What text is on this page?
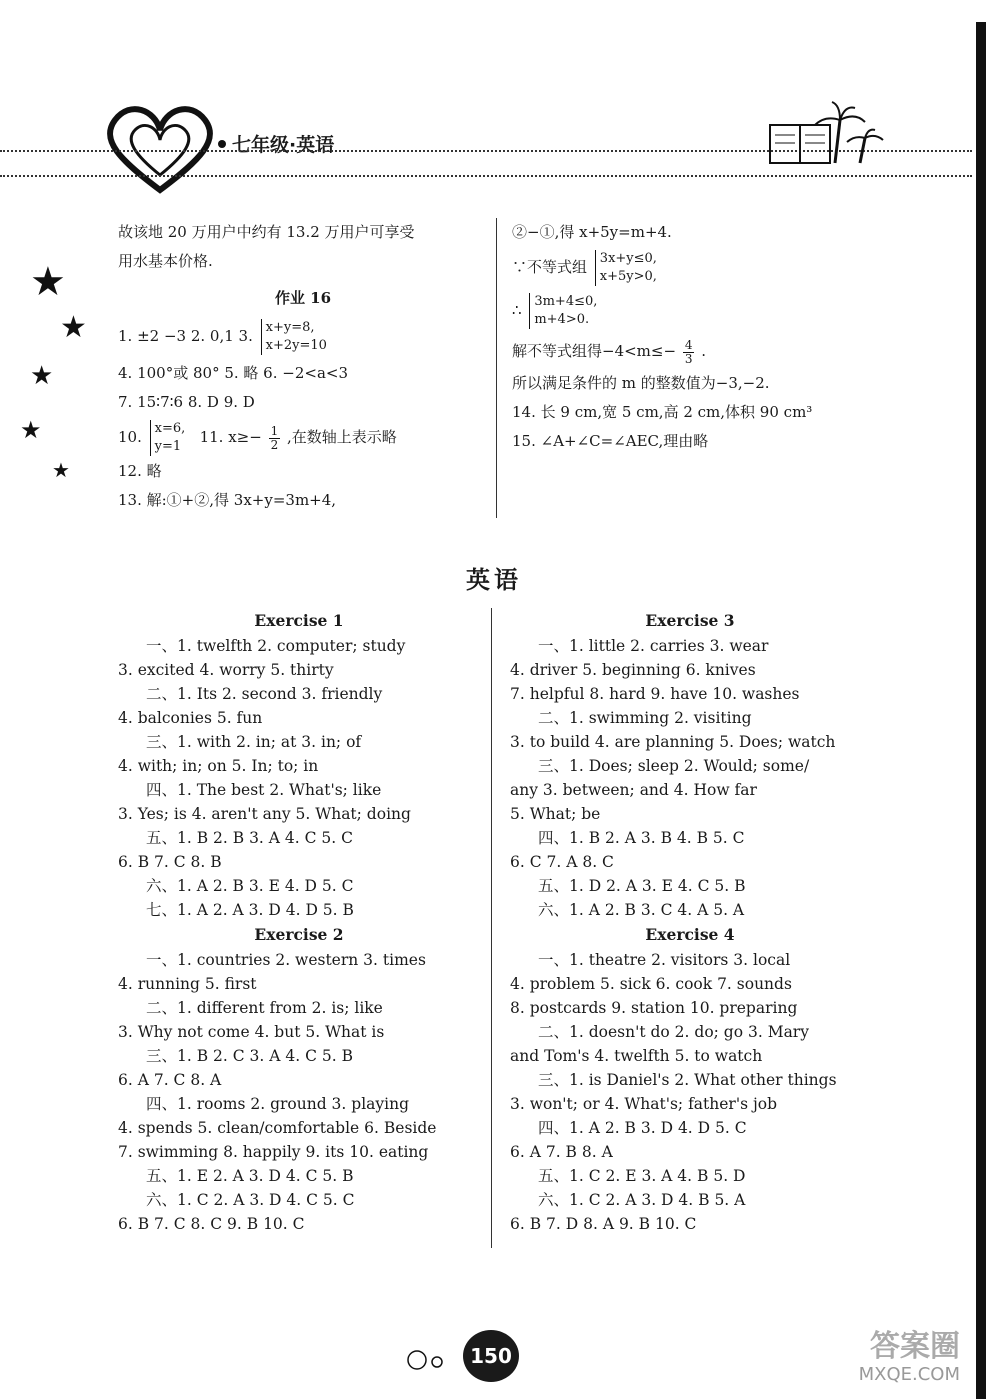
七年级·英语
★
★
★
★
★
故该地 20 万用户中约有 13.2 万用户可享受
用水基本价格.
作业 16
1. ±2 −3 2. 0,1 3. x+y=8,
x+2y=10
4. 100°或 80° 5. 略 6. −2<a<3
7. 15∶7∶6 8. D 9. D
10. x=6,
y=1
11. $x\ge- \frac{1}{2}$ ,在数轴上表示略
12. 略
13. 解:①+②,得 3x+y=3m+4,
②−①,得 x+5y=m+4.
∵不等式组 3x+y≤0,
x+5y>0,
∴ 3m+4≤0,
m+4>0.
解不等式组得$-4<m\le- \frac{4}{3}$ .
所以满足条件的 m 的整数值为−3,−2.
14. 长 9 cm,宽 5 cm,高 2 cm,体积 90 cm³
15. ∠A+∠C=∠AEC,理由略
英语
Exercise 1
一、1. twelfth 2. computer; study
3. excited 4. worry 5. thirty
二、1. Its 2. second 3. friendly
4. balconies 5. fun
三、1. with 2. in; at 3. in; of
4. with; in; on 5. In; to; in
四、1. The best 2. What's; like
3. Yes; is 4. aren't any 5. What; doing
五、1. B 2. B 3. A 4. C 5. C
6. B 7. C 8. B
六、1. A 2. B 3. E 4. D 5. C
七、1. A 2. A 3. D 4. D 5. B
Exercise 2
一、1. countries 2. western 3. times
4. running 5. first
二、1. different from 2. is; like
3. Why not come 4. but 5. What is
三、1. B 2. C 3. A 4. C 5. B
6. A 7. C 8. A
四、1. rooms 2. ground 3. playing
4. spends 5. clean/comfortable 6. Beside
7. swimming 8. happily 9. its 10. eating
五、1. E 2. A 3. D 4. C 5. B
六、1. C 2. A 3. D 4. C 5. C
6. B 7. C 8. C 9. B 10. C
Exercise 3
一、1. little 2. carries 3. wear
4. driver 5. beginning 6. knives
7. helpful 8. hard 9. have 10. washes
二、1. swimming 2. visiting
3. to build 4. are planning 5. Does; watch
三、1. Does; sleep 2. Would; some/
any 3. between; and 4. How far
5. What; be
四、1. B 2. A 3. B 4. B 5. C
6. C 7. A 8. C
五、1. D 2. A 3. E 4. C 5. B
六、1. A 2. B 3. C 4. A 5. A
Exercise 4
一、1. theatre 2. visitors 3. local
4. problem 5. sick 6. cook 7. sounds
8. postcards 9. station 10. preparing
二、1. doesn't do 2. do; go 3. Mary
and Tom's 4. twelfth 5. to watch
三、1. is Daniel's 2. What other things
3. won't; or 4. What's; father's job
四、1. A 2. B 3. D 4. D 5. C
6. A 7. B 8. A
五、1. C 2. E 3. A 4. B 5. D
六、1. C 2. A 3. D 4. B 5. A
6. B 7. D 8. A 9. B 10. C
150	答案圈
MXQE.COM
